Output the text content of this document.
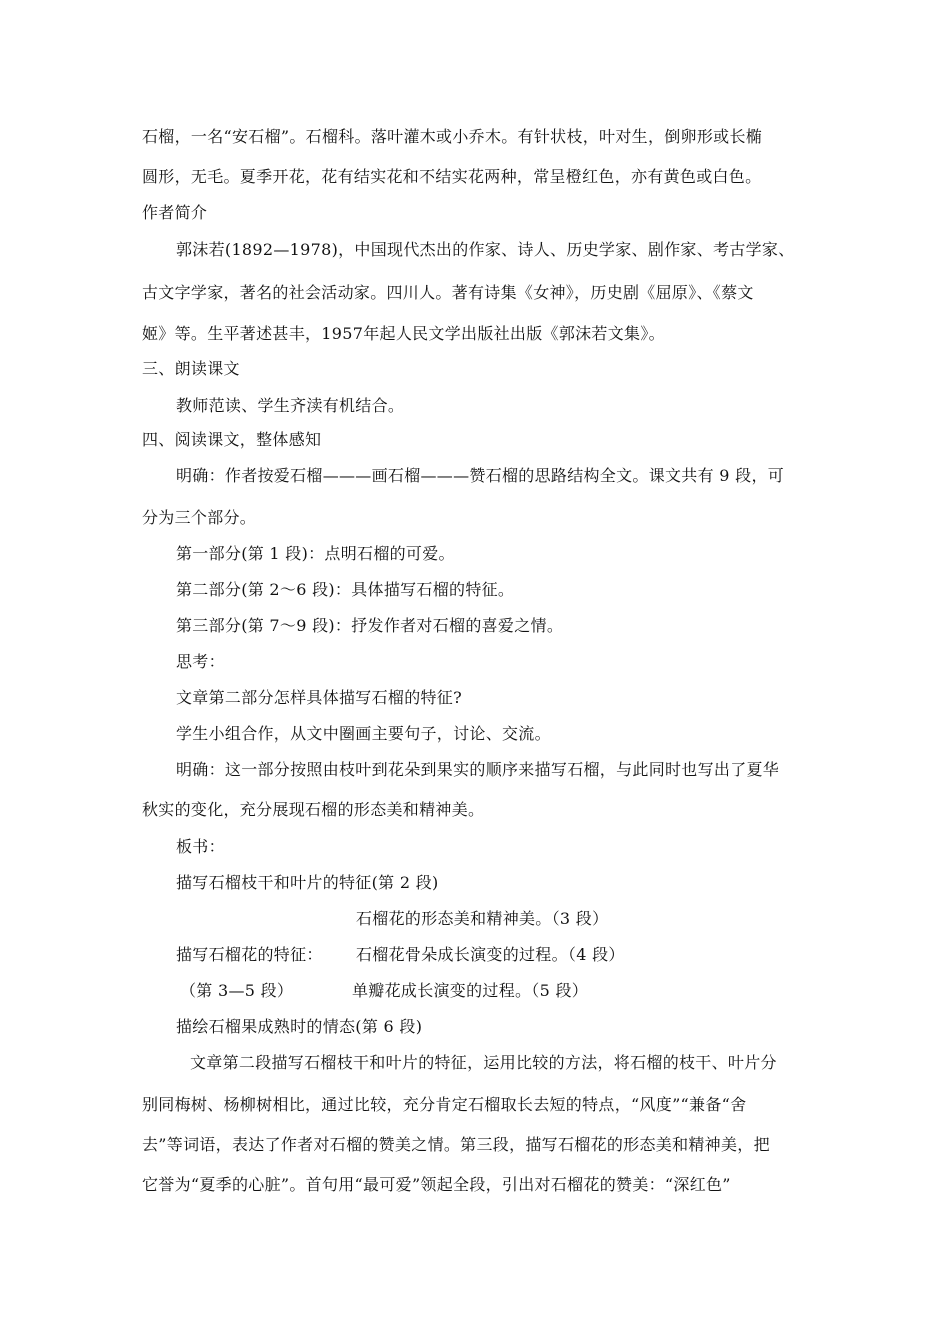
石榴，一名“安石榴”。石榴科。落叶灌木或小乔木。有针状枝，叶对生，倒卵形或长椭
圆形，无毛。夏季开花，花有结实花和不结实花两种，常呈橙红色，亦有黄色或白色。
作者简介
郭沫若(1892—1978)，中国现代杰出的作家、诗人、历史学家、剧作家、考古学家、
古文字学家，著名的社会活动家。四川人。著有诗集《女神》，历史剧《屈原》、《蔡文
姬》等。生平著述甚丰，1957年起人民文学出版社出版《郭沫若文集》。
三、朗读课文
教师范读、学生齐渎有机结合。
四、阅读课文，整体感知
明确：作者按爱石榴———画石榴———赞石榴的思路结构全文。课文共有 9 段，可
分为三个部分。
第一部分(第 1 段)：点明石榴的可爱。
第二部分(第 2～6 段)：具体描写石榴的特征。
第三部分(第 7～9 段)：抒发作者对石榴的喜爱之情。
思考：
文章第二部分怎样具体描写石榴的特征?
学生小组合作，从文中圈画主要句子，讨论、交流。
明确：这一部分按照由枝叶到花朵到果实的顺序来描写石榴，与此同时也写出了夏华
秋实的变化，充分展现石榴的形态美和精神美。
板书：
描写石榴枝干和叶片的特征(第 2 段)
石榴花的形态美和精神美。（3 段）
描写石榴花的特征： 石榴花骨朵成长演变的过程。（4 段）
（第 3—5 段）	单瓣花成长演变的过程。（5 段）
描绘石榴果成熟时的情态(第 6 段)
文章第二段描写石榴枝干和叶片的特征，运用比较的方法，将石榴的枝干、叶片分
别同梅树、杨柳树相比，通过比较，充分肯定石榴取长去短的特点，“风度”“兼备“舍
去”等词语，表达了作者对石榴的赞美之情。第三段，描写石榴花的形态美和精神美，把
它誉为“夏季的心脏”。首句用“最可爱”领起全段，引出对石榴花的赞美：“深红色”
